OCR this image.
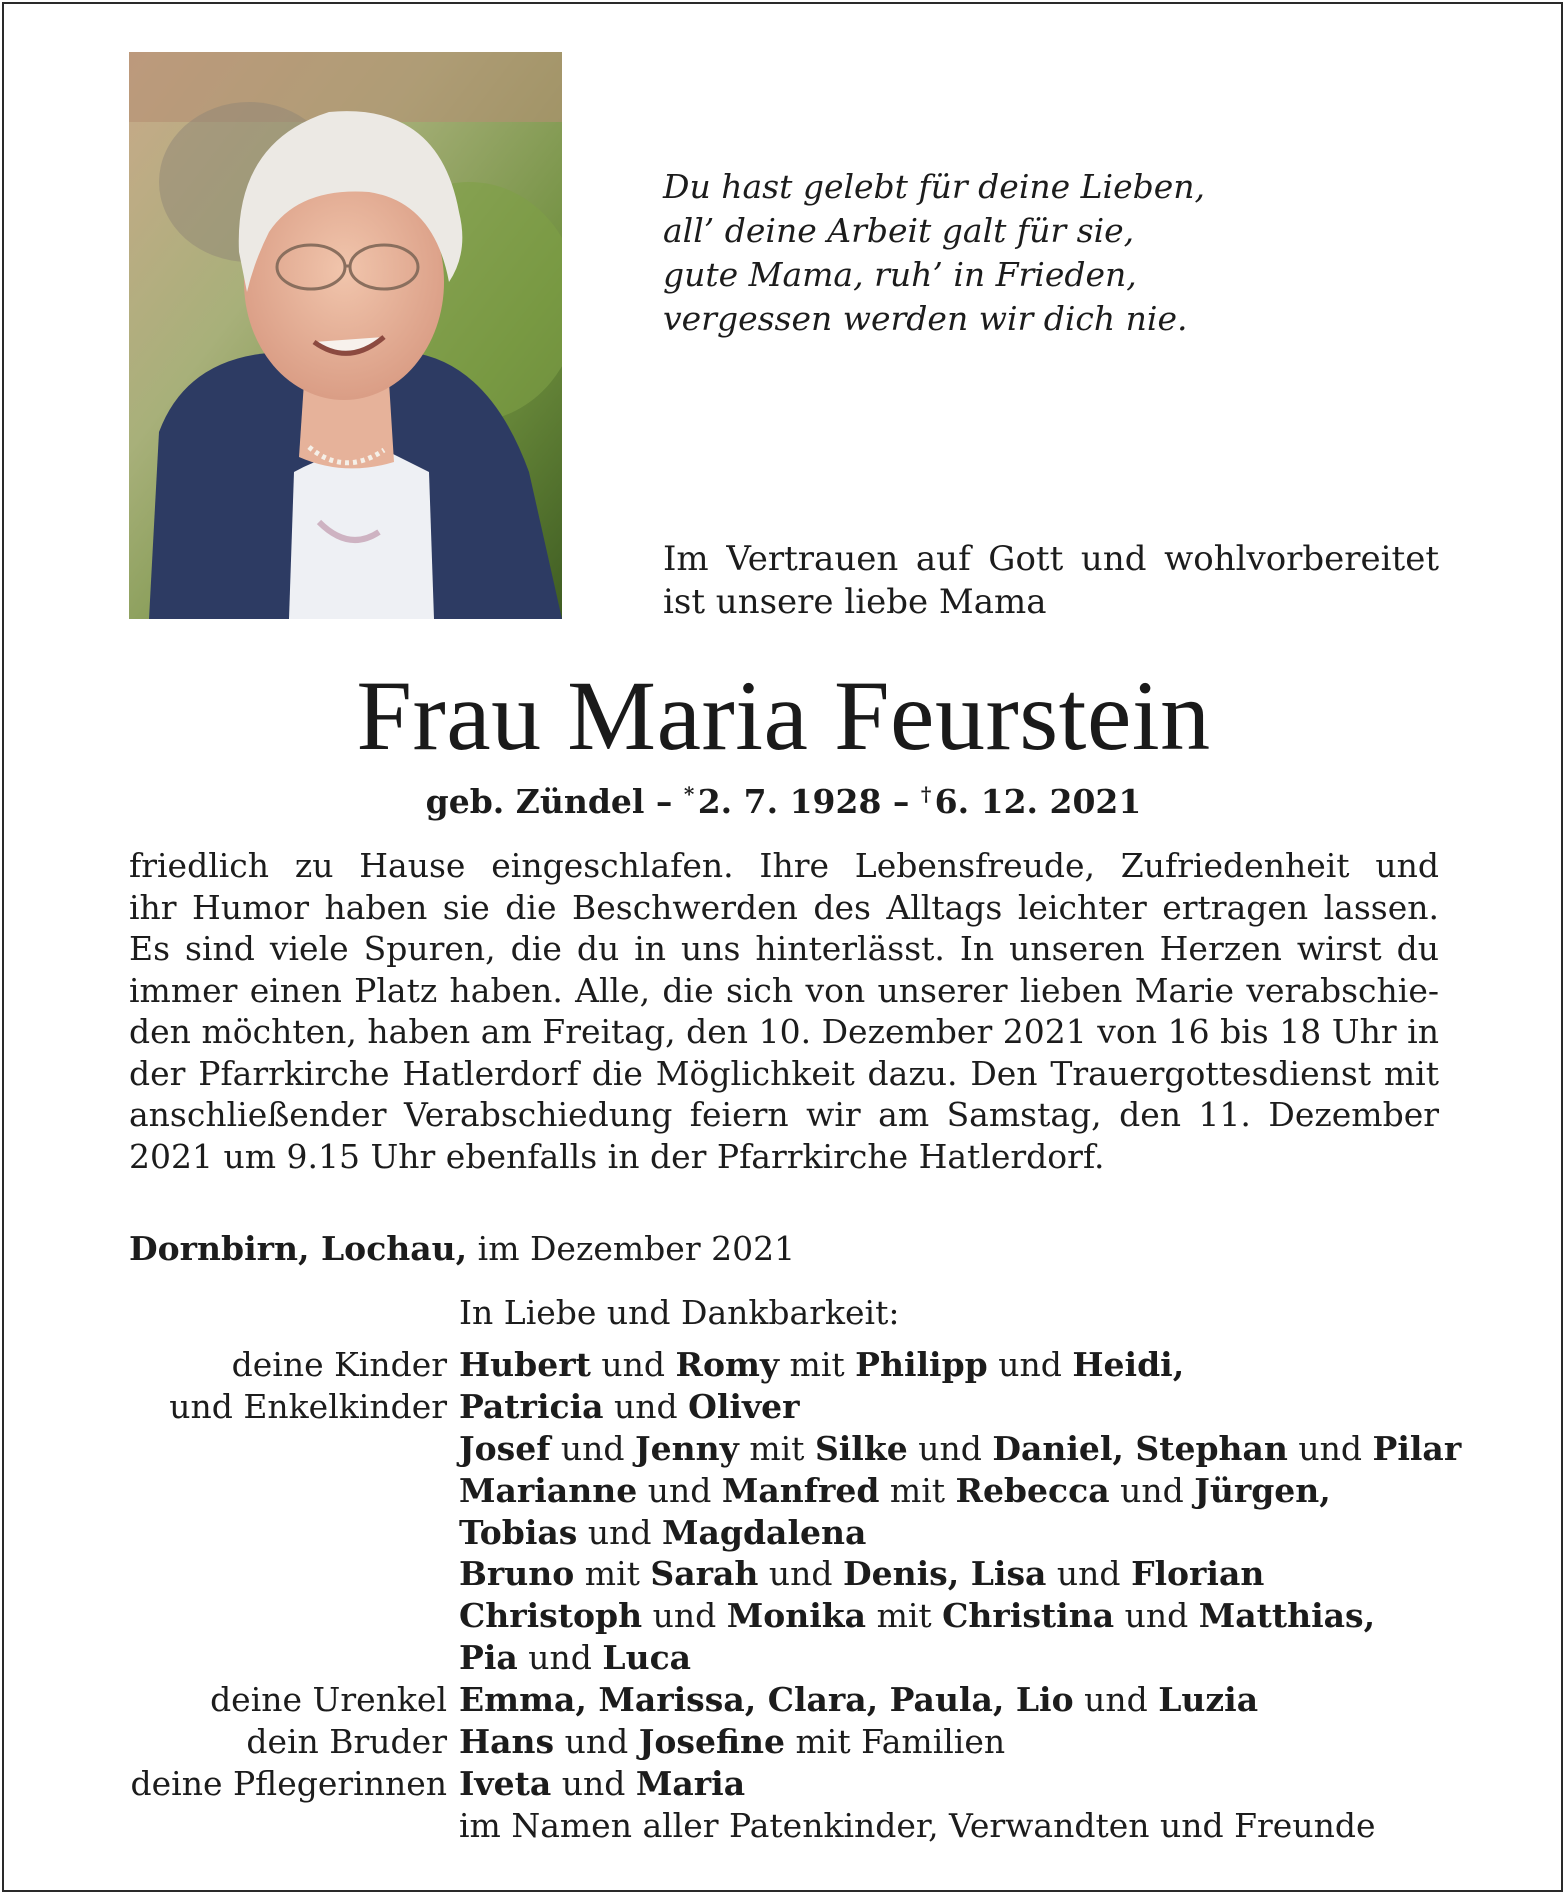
Du hast gelebt für deine Lieben,
all’ deine Arbeit galt für sie,
gute Mama, ruh’ in Frieden,
vergessen werden wir dich nie.
Im Vertrauen auf Gott und wohlvorbereitet ist unsere liebe Mama
Frau Maria Feurstein
geb. Zündel – * 2. 7. 1928 – † 6. 12. 2021
friedlich zu Hause eingeschlafen. Ihre Lebensfreude, Zufriedenheit und
ihr Humor haben sie die Beschwerden des Alltags leichter ertragen lassen.
Es sind viele Spuren, die du in uns hinterlässt. In unseren Herzen wirst du
immer einen Platz haben. Alle, die sich von unserer lieben Marie verabschie-
den möchten, haben am Freitag, den 10. Dezember 2021 von 16 bis 18 Uhr in
der Pfarrkirche Hatlerdorf die Möglichkeit dazu. Den Trauergottesdienst mit
anschließender Verabschiedung feiern wir am Samstag, den 11. Dezember
2021 um 9.15 Uhr ebenfalls in der Pfarrkirche Hatlerdorf.
Dornbirn, Lochau, im Dezember 2021
In Liebe und Dankbarkeit:
deine Kinder Hubert und Romy mit Philipp und Heidi,
und Enkelkinder Patricia und Oliver
Josef und Jenny mit Silke und Daniel, Stephan und Pilar
Marianne und Manfred mit Rebecca und Jürgen,
Tobias und Magdalena
Bruno mit Sarah und Denis, Lisa und Florian
Christoph und Monika mit Christina und Matthias,
Pia und Luca
deine Urenkel Emma, Marissa, Clara, Paula, Lio und Luzia
dein Bruder Hans und Josefine mit Familien
deine Pflegerinnen Iveta und Maria
im Namen aller Patenkinder, Verwandten und Freunde
